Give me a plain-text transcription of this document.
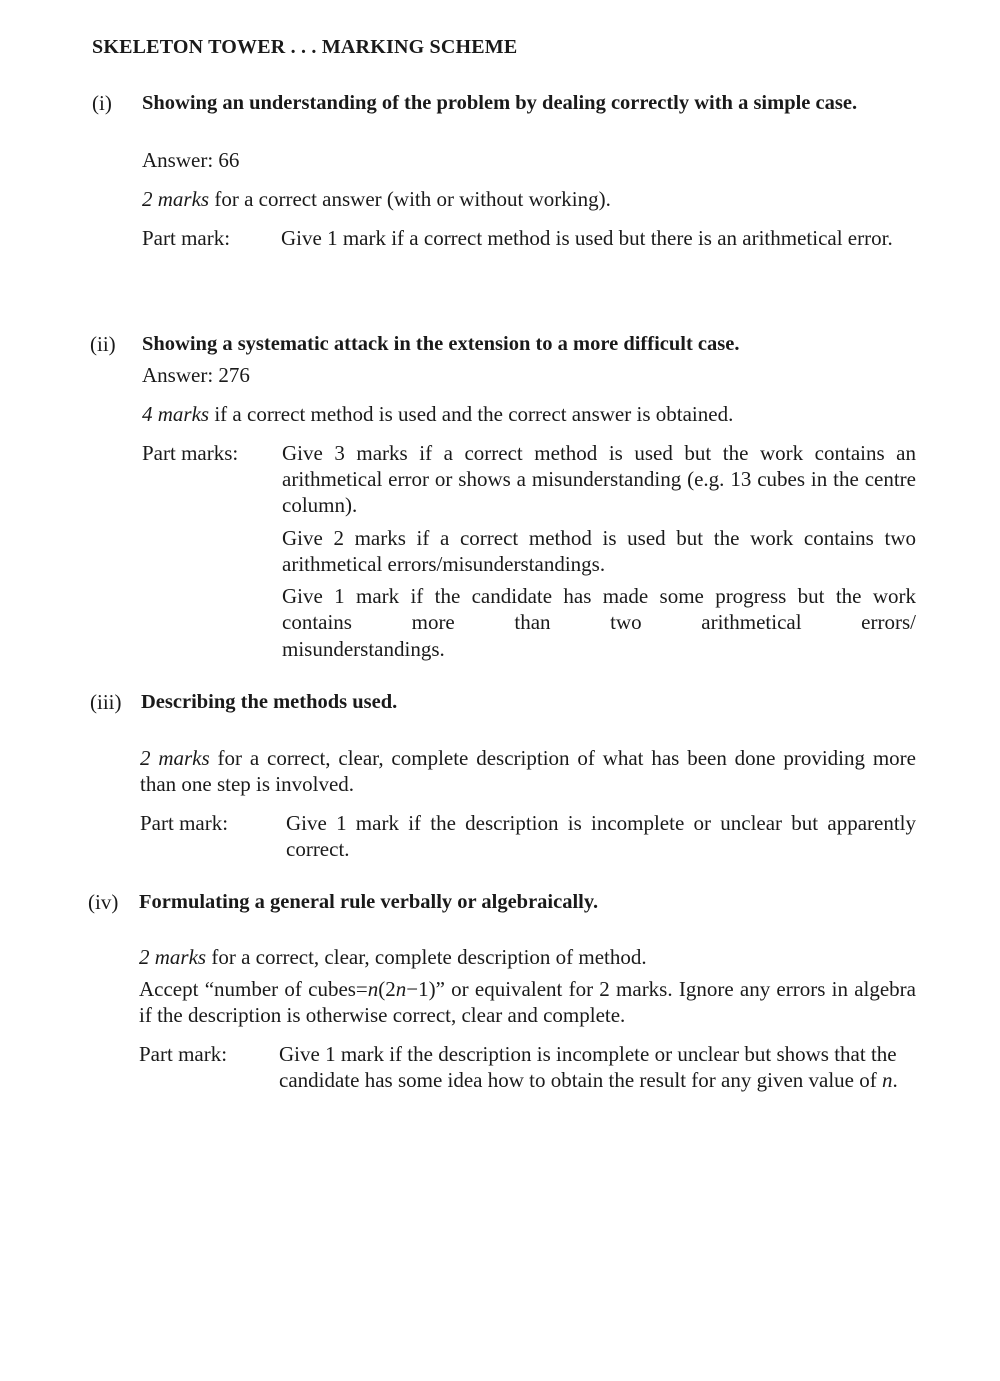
SKELETON TOWER . . . MARKING SCHEME
(i) Showing an understanding of the problem by dealing correctly with a simple case.
Answer: 66
2 marks for a correct answer (with or without working).
Part mark: Give 1 mark if a correct method is used but there is an arithmetical error.
(ii) Showing a systematic attack in the extension to a more difficult case.
Answer: 276
4 marks if a correct method is used and the correct answer is obtained.
Part marks: Give 3 marks if a correct method is used but the work contains an arithmetical error or shows a misunderstanding (e.g. 13 cubes in the centre column).
Give 2 marks if a correct method is used but the work contains two arithmetical errors/misunderstandings.
Give 1 mark if the candidate has made some progress but the work contains more than two arithmetical errors/
misunderstandings.
(iii) Describing the methods used.
2 marks for a correct, clear, complete description of what has been done providing more than one step is involved.
Part mark:	Give 1 mark if the description is incomplete or unclear but apparently correct.
(iv) Formulating a general rule verbally or algebraically.
2 marks for a correct, clear, complete description of method.
Accept “number of cubes=n(2n−1)” or equivalent for 2 marks. Ignore any errors in algebra if the description is otherwise correct, clear and complete.
Part mark: Give 1 mark if the description is incomplete or unclear but shows that the candidate has some idea how to obtain the result for any given value of n.
